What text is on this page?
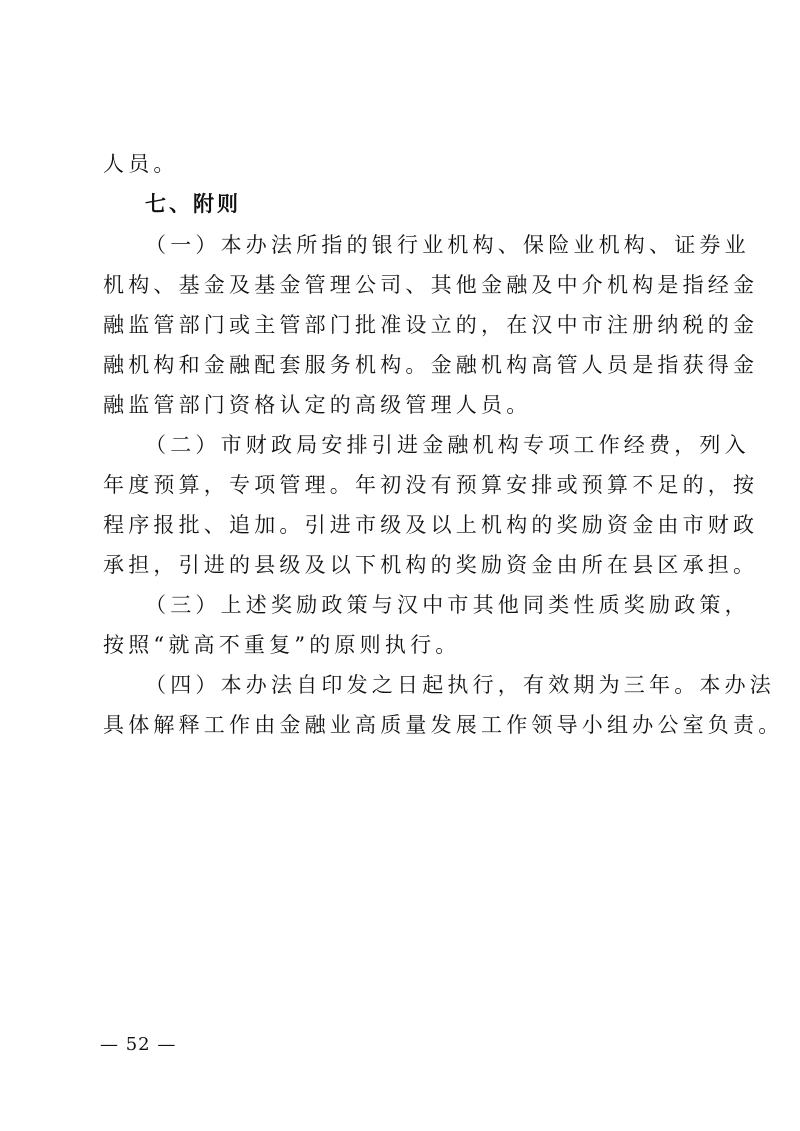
人员。
七、附则
（一）本办法所指的银行业机构、保险业机构、证券业
机构、基金及基金管理公司、其他金融及中介机构是指经金
融监管部门或主管部门批准设立的，在汉中市注册纳税的金
融机构和金融配套服务机构。金融机构高管人员是指获得金
融监管部门资格认定的高级管理人员。
（二）市财政局安排引进金融机构专项工作经费，列入
年度预算，专项管理。年初没有预算安排或预算不足的，按
程序报批、追加。引进市级及以上机构的奖励资金由市财政
承担，引进的县级及以下机构的奖励资金由所在县区承担。
（三）上述奖励政策与汉中市其他同类性质奖励政策，
按照“就高不重复”的原则执行。
（四）本办法自印发之日起执行，有效期为三年。本办法
具体解释工作由金融业高质量发展工作领导小组办公室负责。
— 52 —
